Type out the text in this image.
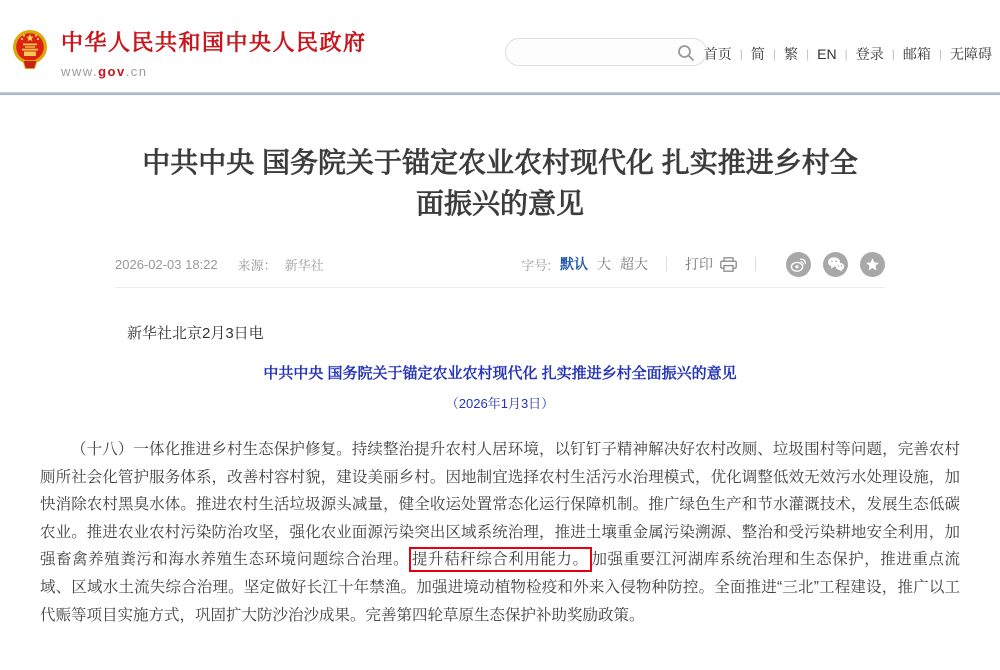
中华人民共和国中央人民政府
www.gov.cn
首页 | 简 | 繁 | EN | 登录 | 邮箱 | 无障碍
中共中央 国务院关于锚定农业农村现代化 扎实推进乡村全面振兴的意见
2026-02-03 18:22 来源： 新华社	字号: 默认 大 超大	打印

新华社北京2月3日电

中共中央 国务院关于锚定农业农村现代化 扎实推进乡村全面振兴的意见

（2026年1月3日）

（十八）一体化推进乡村生态保护修复。持续整治提升农村人居环境，以钉钉子精神解决好农村改厕、垃圾围村等问题，完善农村厕所社会化管护服务体系，改善村容村貌，建设美丽乡村。因地制宜选择农村生活污水治理模式，优化调整低效无效污水处理设施，加快消除农村黑臭水体。推进农村生活垃圾源头减量，健全收运处置常态化运行保障机制。推广绿色生产和节水灌溉技术，发展生态低碳农业。推进农业农村污染防治攻坚，强化农业面源污染突出区域系统治理，推进土壤重金属污染溯源、整治和受污染耕地安全利用，加强畜禽养殖粪污和海水养殖生态环境问题综合治理。 提升秸秆综合利用能力。 加强重要江河湖库系统治理和生态保护，推进重点流域、区域水土流失综合治理。坚定做好长江十年禁渔。加强进境动植物检疫和外来入侵物种防控。全面推进“三北”工程建设，推广以工代赈等项目实施方式，巩固扩大防沙治沙成果。完善第四轮草原生态保护补助奖励政策。
